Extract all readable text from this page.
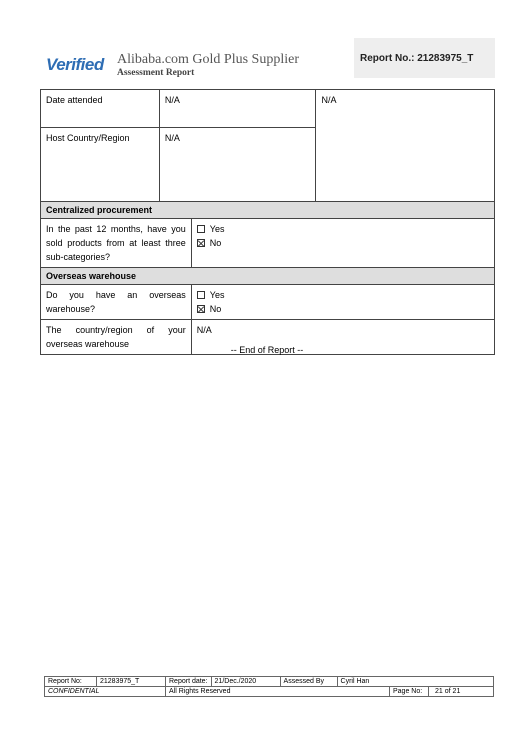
Verified Alibaba.com Gold Plus Supplier
Assessment Report
Report No.: 21283975_T
Date attended	N/A	N/A
Host Country/Region	N/A	
Centralized procurement	
In the past 12 months, have you sold products from at least three sub-categories?	Yes
No

Overseas warehouse	
Do you have an overseas warehouse?	Yes
No

The country/region of your overseas warehouse	N/A
-- End of Report --
Report No:	21283975_T	Report date:	21/Dec./2020	Assessed By	Cyril Han		
CONFIDENTIAL		All Rights Reserved				Page No:	21 of 21
